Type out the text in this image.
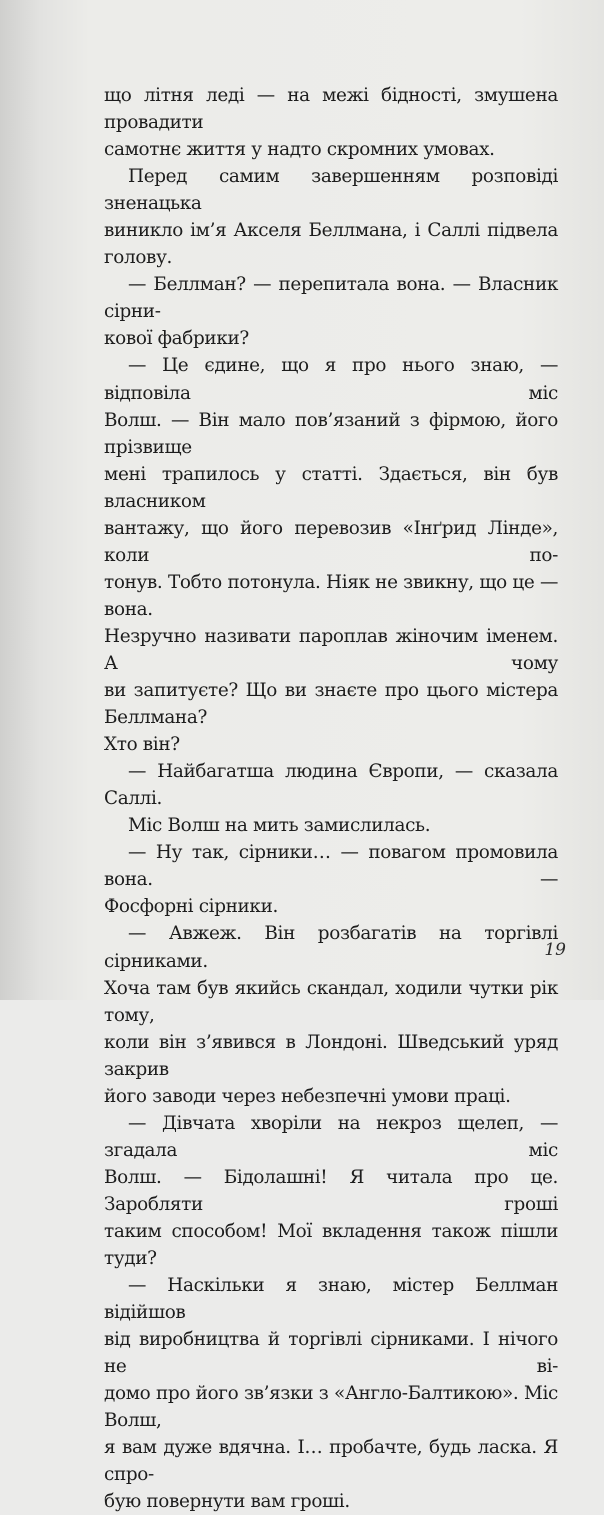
що літня леді — на межі бідності, змушена провадити
самотнє життя у надто скромних умовах.

Перед самим завершенням розповіді зненацька
виникло ім’я Акселя Беллмана, і Саллі підвела голову.

— Беллман? — перепитала вона. — Власник сірни-
кової фабрики?

— Це єдине, що я про нього знаю, — відповіла міс
Волш. — Він мало пов’язаний з фірмою, його прізвище
мені трапилось у статті. Здається, він був власником
вантажу, що його перевозив «Інґрид Лінде», коли по-
тонув. Тобто потонула. Ніяк не звикну, що це — вона.
Незручно називати пароплав жіночим іменем. А чому
ви запитуєте? Що ви знаєте про цього містера Беллмана?
Хто він?

— Найбагатша людина Європи, — сказала Саллі.

Міс Волш на мить замислилась.

— Ну так, сірники… — повагом промовила вона. —
Фосфорні сірники.

— Авжеж. Він розбагатів на торгівлі сірниками.
Хоча там був якийсь скандал, ходили чутки рік тому,
коли він з’явився в Лондоні. Шведський уряд закрив
його заводи через небезпечні умови праці.

— Дівчата хворіли на некроз щелеп, — згадала міс
Волш. — Бідолашні! Я читала про це. Заробляти гроші
таким способом! Мої вкладення також пішли туди?

— Наскільки я знаю, містер Беллман відійшов
від виробництва й торгівлі сірниками. І нічого не ві-
домо про його зв’язки з «Англо-Балтикою». Міс Волш,
я вам дуже вдячна. І… пробачте, будь ласка. Я спро-
бую повернути вам гроші.

19
